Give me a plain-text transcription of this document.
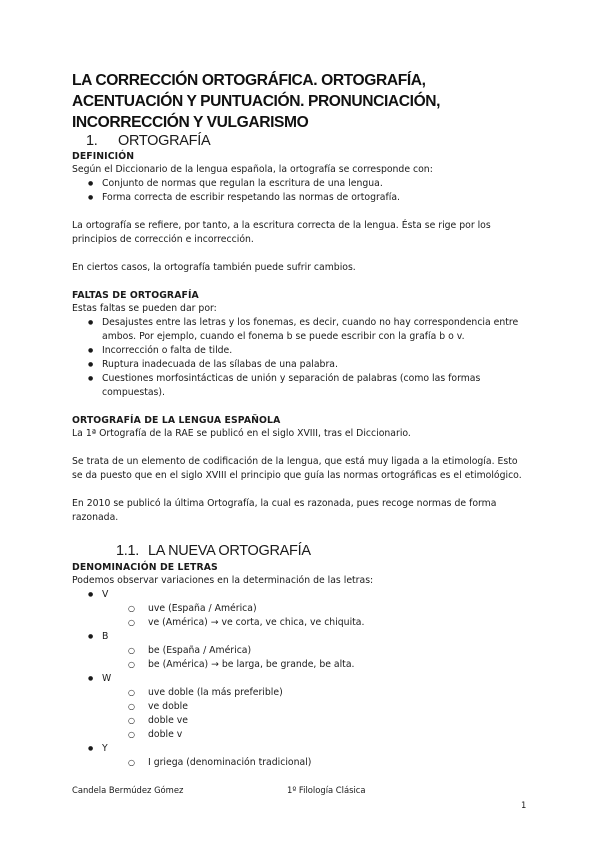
LA CORRECCIÓN ORTOGRÁFICA. ORTOGRAFÍA, ACENTUACIÓN Y PUNTUACIÓN. PRONUNCIACIÓN, INCORRECCIÓN Y VULGARISMO
1. ORTOGRAFÍA
DEFINICIÓN

Según el Diccionario de la lengua española, la ortografía se corresponde con:

● Conjunto de normas que regulan la escritura de una lengua.
● Forma correcta de escribir respetando las normas de ortografía.

La ortografía se refiere, por tanto, a la escritura correcta de la lengua. Ésta se rige por los principios de corrección e incorrección.

En ciertos casos, la ortografía también puede sufrir cambios.

FALTAS DE ORTOGRAFÍA

Estas faltas se pueden dar por:

● Desajustes entre las letras y los fonemas, es decir, cuando no hay correspondencia entre ambos. Por ejemplo, cuando el fonema b se puede escribir con la grafía b o v.
● Incorrección o falta de tilde.
● Ruptura inadecuada de las sílabas de una palabra.
● Cuestiones morfosintácticas de unión y separación de palabras (como las formas compuestas).
ORTOGRAFÍA DE LA LENGUA ESPAÑOLA

La 1ª Ortografía de la RAE se publicó en el siglo XVIII, tras el Diccionario.

Se trata de un elemento de codificación de la lengua, que está muy ligada a la etimología. Esto se da puesto que en el siglo XVIII el principio que guía las normas ortográficas es el etimológico.

En 2010 se publicó la última Ortografía, la cual es razonada, pues recoge normas de forma razonada.

1.1. LA NUEVA ORTOGRAFÍA
DENOMINACIÓN DE LETRAS

Podemos observar variaciones en la determinación de las letras:

● V
○ uve (España / América)
○ ve (América) → ve corta, ve chica, ve chiquita.
● B
○ be (España / América)
○ be (América) → be larga, be grande, be alta.
● W
○ uve doble (la más preferible)
○ ve doble
○ doble ve
○ doble v
● Y
○ I griega (denominación tradicional)
Candela Bermúdez Gómez	1º Filología Clásica
1
